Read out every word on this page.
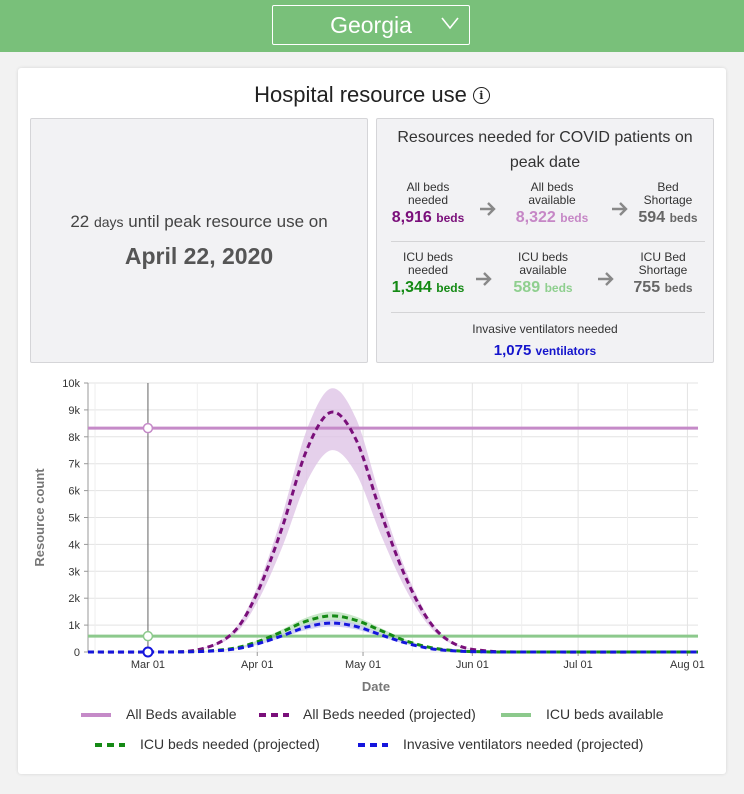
Georgia
Hospital resource use i
22 days until peak resource use on
April 22, 2020
Resources needed for COVID patients on
peak date
All beds
needed
8,916 beds
All beds
available
8,322 beds
Bed
Shortage
594 beds
ICU beds
needed
1,344 beds
ICU beds
available
589 beds
ICU Bed
Shortage
755 beds
Invasive ventilators needed
1,075 ventilators
0
1k
2k
3k
4k
5k
6k
7k
8k
9k
10k
Mar 01	Apr 01	May 01	Jun 01	Jul 01	Aug 01
Date
Resource count
All Beds available	All Beds needed (projected)	ICU beds available
ICU beds needed (projected)	Invasive ventilators needed (projected)
